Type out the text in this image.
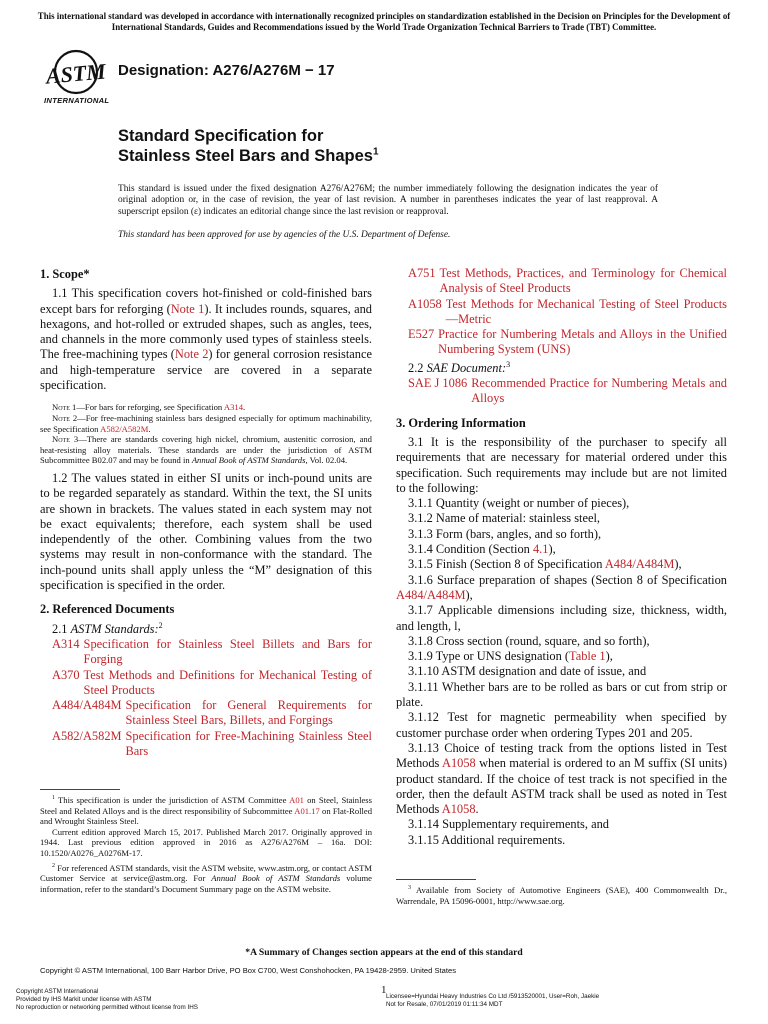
This international standard was developed in accordance with internationally recognized principles on standardization established in the Decision on Principles for the Development of International Standards, Guides and Recommendations issued by the World Trade Organization Technical Barriers to Trade (TBT) Committee.
ASTM
INTERNATIONAL
Designation: A276/A276M − 17
Standard Specification for
Stainless Steel Bars and Shapes$^1$
This standard is issued under the fixed designation A276/A276M; the number immediately following the designation indicates the year of original adoption or, in the case of revision, the year of last revision. A number in parentheses indicates the year of last reapproval. A superscript epsilon (ε) indicates an editorial change since the last revision or reapproval.
This standard has been approved for use by agencies of the U.S. Department of Defense.
1. Scope*

1.1 This specification covers hot-finished or cold-finished bars except bars for reforging (Note 1). It includes rounds, squares, and hexagons, and hot-rolled or extruded shapes, such as angles, tees, and channels in the more commonly used types of stainless steels. The free-machining types (Note 2) for general corrosion resistance and high-temperature service are covered in a separate specification.

Note 1—For bars for reforging, see Specification A314.

Note 2—For free-machining stainless bars designed especially for optimum machinability, see Specification A582/A582M.

Note 3—There are standards covering high nickel, chromium, austenitic corrosion, and heat-resisting alloy materials. These standards are under the jurisdiction of ASTM Subcommittee B02.07 and may be found in Annual Book of ASTM Standards, Vol. 02.04.

1.2 The values stated in either SI units or inch-pound units are to be regarded separately as standard. Within the text, the SI units are shown in brackets. The values stated in each system may not be exact equivalents; therefore, each system shall be used independently of the other. Combining values from the two systems may result in non-conformance with the standard. The inch-pound units shall apply unless the “M” designation of this specification is specified in the order.

2. Referenced Documents

2.1 ASTM Standards:$^2$

A314 Specification for Stainless Steel Billets and Bars for Forging
A370 Test Methods and Definitions for Mechanical Testing of Steel Products
A484/A484M Specification for General Requirements for Stainless Steel Bars, Billets, and Forgings
A582/A582M Specification for Free-Machining Stainless Steel Bars

$^1$ This specification is under the jurisdiction of ASTM Committee A01 on Steel, Stainless Steel and Related Alloys and is the direct responsibility of Subcommittee A01.17 on Flat-Rolled and Wrought Stainless Steel.

Current edition approved March 15, 2017. Published March 2017. Originally approved in 1944. Last previous edition approved in 2016 as A276/A276M – 16a. DOI: 10.1520/A0276_A0276M-17.

$^2$ For referenced ASTM standards, visit the ASTM website, www.astm.org, or contact ASTM Customer Service at service@astm.org. For Annual Book of ASTM Standards volume information, refer to the standard’s Document Summary page on the ASTM website.

A751 Test Methods, Practices, and Terminology for Chemical Analysis of Steel Products
A1058 Test Methods for Mechanical Testing of Steel Products—Metric
E527 Practice for Numbering Metals and Alloys in the Unified Numbering System (UNS)

2.2 SAE Document:$^3$

SAE J 1086 Recommended Practice for Numbering Metals and Alloys
3. Ordering Information

3.1 It is the responsibility of the purchaser to specify all requirements that are necessary for material ordered under this specification. Such requirements may include but are not limited to the following:

3.1.1 Quantity (weight or number of pieces),

3.1.2 Name of material: stainless steel,

3.1.3 Form (bars, angles, and so forth),

3.1.4 Condition (Section 4.1),

3.1.5 Finish (Section 8 of Specification A484/A484M),

3.1.6 Surface preparation of shapes (Section 8 of Specification A484/A484M),

3.1.7 Applicable dimensions including size, thickness, width, and length, l,

3.1.8 Cross section (round, square, and so forth),

3.1.9 Type or UNS designation (Table 1),

3.1.10 ASTM designation and date of issue, and

3.1.11 Whether bars are to be rolled as bars or cut from strip or plate.

3.1.12 Test for magnetic permeability when specified by customer purchase order when ordering Types 201 and 205.

3.1.13 Choice of testing track from the options listed in Test Methods A1058 when material is ordered to an M suffix (SI units) product standard. If the choice of test track is not specified in the order, then the default ASTM track shall be used as noted in Test Methods A1058.

3.1.14 Supplementary requirements, and

3.1.15 Additional requirements.

$^3$ Available from Society of Automotive Engineers (SAE), 400 Commonwealth Dr., Warrendale, PA 15096-0001, http://www.sae.org.

*A Summary of Changes section appears at the end of this standard
Copyright © ASTM International, 100 Barr Harbor Drive, PO Box C700, West Conshohocken, PA 19428-2959. United States
1
Copyright ASTM International
Provided by IHS Markit under license with ASTM
No reproduction or networking permitted without license from IHS
Licensee=Hyundai Heavy Industries Co Ltd /5913520001, User=Roh, Jaekie
Not for Resale, 07/01/2019 01:11:34 MDT
